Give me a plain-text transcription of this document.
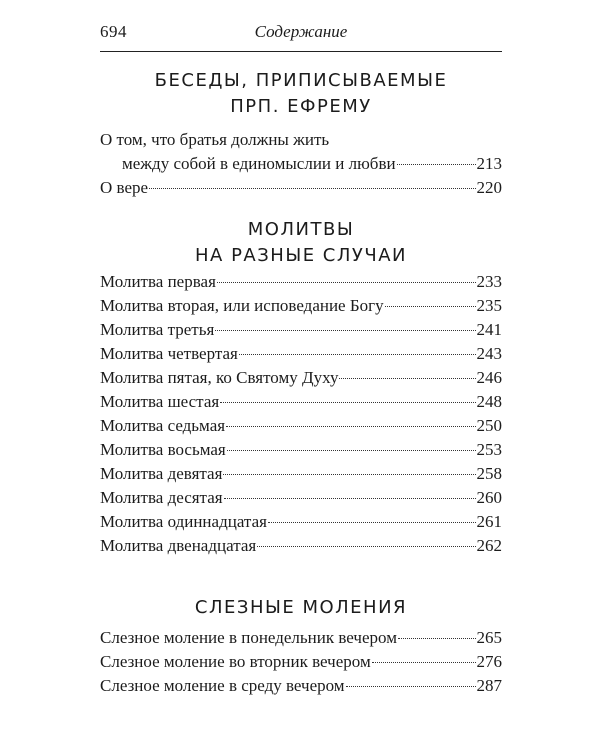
694	Содержание
БЕСЕДЫ, ПРИПИСЫВАЕМЫЕ
ПРП. ЕФРЕМУ
О том, что братья должны жить
между собой в единомыслии и любви	213
О вере	220
МОЛИТВЫ
НА РАЗНЫЕ СЛУЧАИ
Молитва первая	233
Молитва вторая, или исповедание Богу	235
Молитва третья	241
Молитва четвертая	243
Молитва пятая, ко Святому Духу	246
Молитва шестая	248
Молитва седьмая	250
Молитва восьмая	253
Молитва девятая	258
Молитва десятая	260
Молитва одиннадцатая	261
Молитва двенадцатая	262
СЛЕЗНЫЕ МОЛЕНИЯ
Слезное моление в понедельник вечером	265
Слезное моление во вторник вечером	276
Слезное моление в среду вечером	287
